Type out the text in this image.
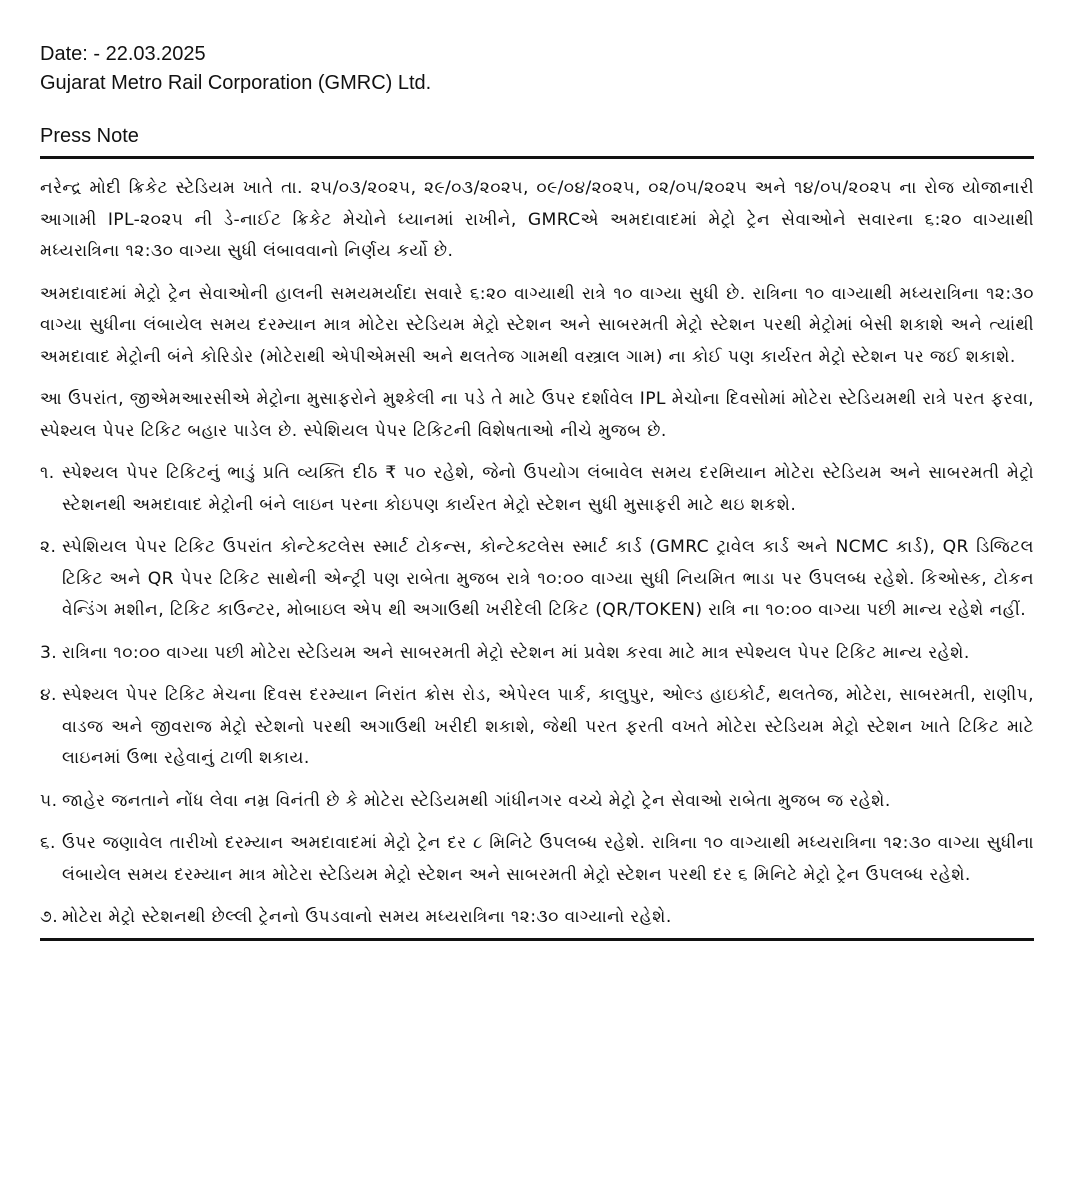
Date: - 22.03.2025

Gujarat Metro Rail Corporation (GMRC) Ltd.

Press Note

નરેન્દ્ર મોદી ક્રિકેટ સ્ટેડિયમ ખાતે તા. ૨૫/૦૩/૨૦૨૫, ૨૯/૦૩/૨૦૨૫, ૦૯/૦૪/૨૦૨૫, ૦૨/૦૫/૨૦૨૫ અને ૧૪/૦૫/૨૦૨૫ ના રોજ યોજાનારી આગામી IPL-૨૦૨૫ ની ડે-નાઈટ ક્રિકેટ મેચોને ધ્યાનમાં રાખીને, GMRCએ અમદાવાદમાં મેટ્રો ટ્રેન સેવાઓને સવારના ૬:૨૦ વાગ્યાથી મધ્યરાત્રિના ૧૨:૩૦ વાગ્યા સુધી લંબાવવાનો નિર્ણય કર્યો છે.

અમદાવાદમાં મેટ્રો ટ્રેન સેવાઓની હાલની સમયમર્યાદા સવારે ૬:૨૦ વાગ્યાથી રાત્રે ૧૦ વાગ્યા સુધી છે. રાત્રિના ૧૦ વાગ્યાથી મધ્યરાત્રિના ૧૨:૩૦ વાગ્યા સુધીના લંબાયેલ સમય દરમ્યાન માત્ર મોટેરા સ્ટેડિયમ મેટ્રો સ્ટેશન અને સાબરમતી મેટ્રો સ્ટેશન પરથી મેટ્રોમાં બેસી શકાશે અને ત્યાંથી અમદાવાદ મેટ્રોની બંને કોરિડોર (મોટેરાથી એપીએમસી અને થલતેજ ગામથી વસ્ત્રાલ ગામ) ના કોઈ પણ કાર્યરત મેટ્રો સ્ટેશન પર જઈ શકાશે.

આ ઉપરાંત, જીએમઆરસીએ મેટ્રોના મુસાફરોને મુશ્કેલી ના પડે તે માટે ઉપર દર્શાવેલ IPL મેચોના દિવસોમાં મોટેરા સ્ટેડિયમથી રાત્રે પરત ફરવા, સ્પેશ્યલ પેપર ટિકિટ બહાર પાડેલ છે. સ્પેશિયલ પેપર ટિકિટની વિશેષતાઓ નીચે મુજબ છે.

૧. સ્પેશ્યલ પેપર ટિકિટનું ભાડું પ્રતિ વ્યક્તિ દીઠ ₹ ૫૦ રહેશે, જેનો ઉપયોગ લંબાવેલ સમય દરમિયાન મોટેરા સ્ટેડિયમ અને સાબરમતી મેટ્રો સ્ટેશનથી અમદાવાદ મેટ્રોની બંને લાઇન પરના કોઇપણ કાર્યરત મેટ્રો સ્ટેશન સુધી મુસાફરી માટે થઇ શકશે.
૨. સ્પેશિયલ પેપર ટિકિટ ઉપરાંત કોન્ટેક્ટલેસ સ્માર્ટ ટોકન્સ, કોન્ટેક્ટલેસ સ્માર્ટ કાર્ડ (GMRC ટ્રાવેલ કાર્ડ અને NCMC કાર્ડ), QR ડિજિટલ ટિકિટ અને QR પેપર ટિકિટ સાથેની એન્ટ્રી પણ રાબેતા મુજબ રાત્રે ૧૦:૦૦ વાગ્યા સુધી નિયમિત ભાડા પર ઉપલબ્ધ રહેશે. કિઓસ્ક, ટોકન વેન્ડિંગ મશીન, ટિકિટ કાઉન્ટર, મોબાઇલ એપ થી અગાઉથી ખરીદેલી ટિકિટ (QR/TOKEN) રાત્રિ ના ૧૦:૦૦ વાગ્યા પછી માન્ય રહેશે નહીં.
3. રાત્રિના ૧૦:૦૦ વાગ્યા પછી મોટેરા સ્ટેડિયમ અને સાબરમતી મેટ્રો સ્ટેશન માં પ્રવેશ કરવા માટે માત્ર સ્પેશ્યલ પેપર ટિકિટ માન્ય રહેશે.
૪. સ્પેશ્યલ પેપર ટિકિટ મેચના દિવસ દરમ્યાન નિરાંત ક્રોસ રોડ, એપેરલ પાર્ક, કાલુપુર, ઓલ્ડ હાઇકોર્ટ, થલતેજ, મોટેરા, સાબરમતી, રાણીપ, વાડજ અને જીવરાજ મેટ્રો સ્ટેશનો પરથી અગાઉથી ખરીદી શકાશે, જેથી પરત ફરતી વખતે મોટેરા સ્ટેડિયમ મેટ્રો સ્ટેશન ખાતે ટિકિટ માટે લાઇનમાં ઉભા રહેવાનું ટાળી શકાય.
૫. જાહેર જનતાને નોંધ લેવા નમ્ર વિનંતી છે કે મોટેરા સ્ટેડિયમથી ગાંધીનગર વચ્ચે મેટ્રો ટ્રેન સેવાઓ રાબેતા મુજબ જ રહેશે.
૬. ઉપર જણાવેલ તારીખો દરમ્યાન અમદાવાદમાં મેટ્રો ટ્રેન દર ૮ મિનિટે ઉપલબ્ધ રહેશે. રાત્રિના ૧૦ વાગ્યાથી મધ્યરાત્રિના ૧૨:૩૦ વાગ્યા સુધીના લંબાયેલ સમય દરમ્યાન માત્ર મોટેરા સ્ટેડિયમ મેટ્રો સ્ટેશન અને સાબરમતી મેટ્રો સ્ટેશન પરથી દર ૬ મિનિટે મેટ્રો ટ્રેન ઉપલબ્ધ રહેશે.
૭. મોટેરા મેટ્રો સ્ટેશનથી છેલ્લી ટ્રેનનો ઉપડવાનો સમય મધ્યરાત્રિના ૧૨:૩૦ વાગ્યાનો રહેશે.
